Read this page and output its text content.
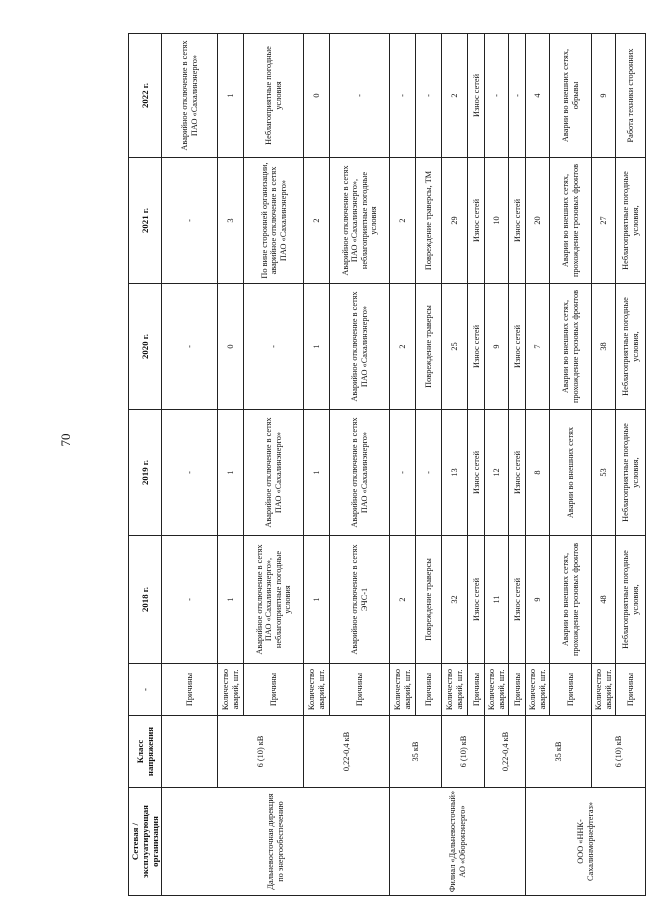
70
Сетевая / эксплуатирующая организация	Класс напряжения	-	2018 г.	2019 г.	2020 г.	2021 г.	2022 г.
Дальневосточная дирекция по энергообеспечению		Причины	-	-	-	-	Аварийное отключение в сетях ПАО «Сахалинэнерго»
	6 (10) кВ	Количество аварий, шт.	1	1	0	3	1
		Причины	Аварийное отключение в сетях ПАО «Сахалинэнерго», неблагоприятные погодные условия	Аварийное отключение в сетях ПАО «Сахалинэнерго»	-	По вине сторонней организации, аварийное отключение в сетях ПАО «Сахалинэнерго»	Неблагоприятные погодные условия
	0,22-0,4 кВ	Количество аварий, шт.	1	1	1	2	0
		Причины	Аварийное отключение в сетях ЭЧС-1	Аварийное отключение в сетях ПАО «Сахалинэнерго»	Аварийное отключение в сетях ПАО «Сахалинэнерго»	Аварийное отключение в сетях ПАО «Сахалинэнерго», неблагоприятные погодные условия	-
Филиал «Дальневосточный» АО «Оборонэнерго»	35 кВ	Количество аварий, шт.	2	-	2	2	-
		Причины	Повреждение траверсы	-	Повреждение траверсы	Повреждение траверсы, ТМ	-
	6 (10) кВ	Количество аварий, шт.	32	13	25	29	2
		Причины	Износ сетей	Износ сетей	Износ сетей	Износ сетей	Износ сетей
	0,22-0,4 кВ	Количество аварий, шт.	11	12	9	10	-
		Причины	Износ сетей	Износ сетей	Износ сетей	Износ сетей	-
ООО «ННК-Сахалинморнефтегаз»	35 кВ	Количество аварий, шт.	9	8	7	20	4
		Причины	Аварии во внешних сетях, прохождение грозовых фронтов	Аварии во внешних сетях	Аварии во внешних сетях, прохождение грозовых фронтов	Аварии во внешних сетях, прохождение грозовых фронтов	Аварии во внешних сетях, обрывы
	6 (10) кВ	Количество аварий, шт.	48	53	38	27	9
		Причины	Неблагоприятные погодные условия,	Неблагоприятные погодные условия,	Неблагоприятные погодные условия,	Неблагоприятные погодные условия,	Работа техники сторонних
